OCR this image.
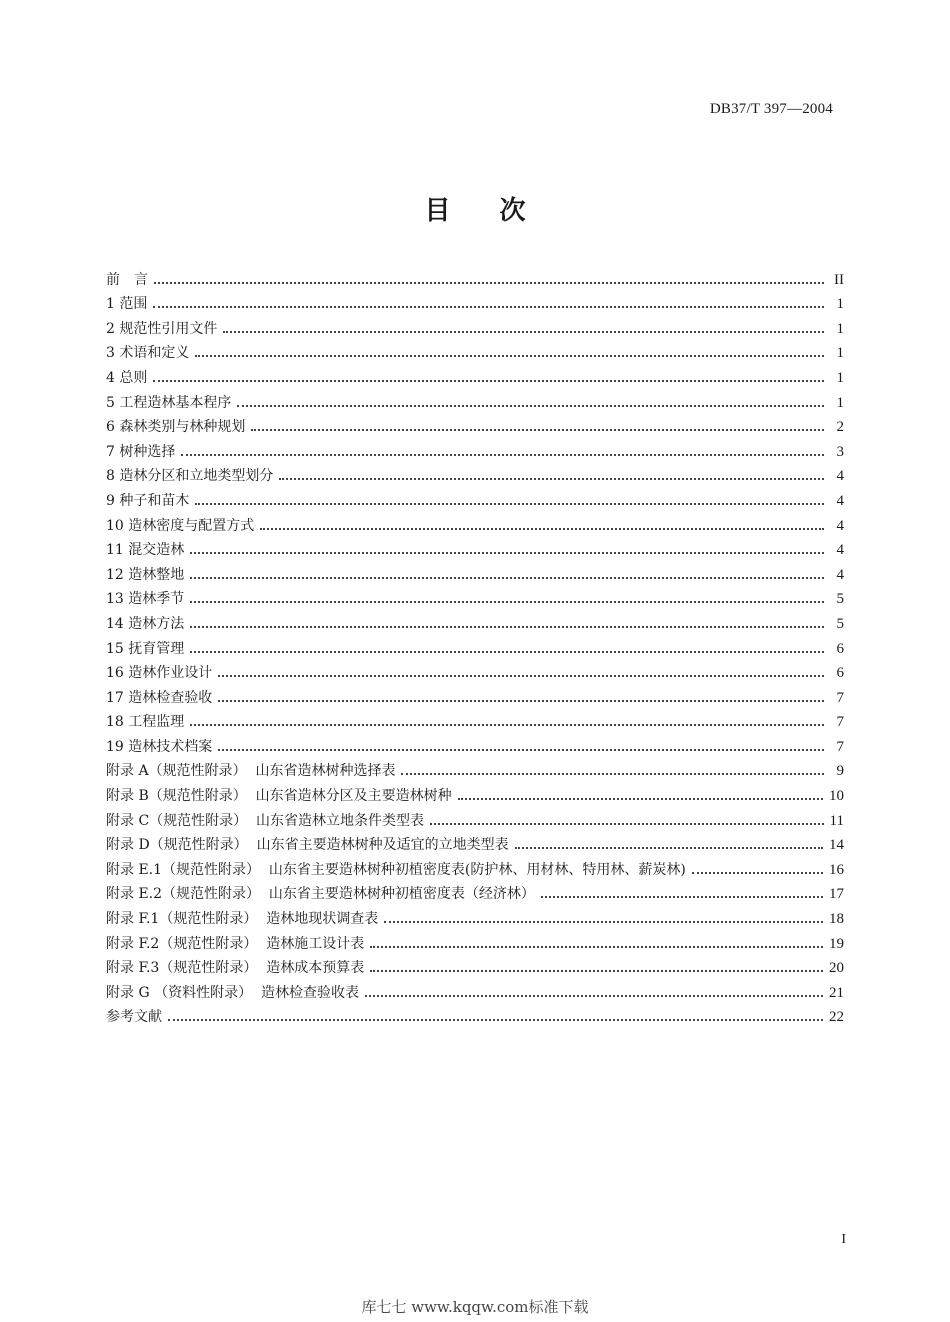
DB37/T 397—2004
目 次
前　言	II
1 范围	1
2 规范性引用文件	1
3 术语和定义	1
4 总则	1
5 工程造林基本程序	1
6 森林类别与林种规划	2
7 树种选择	3
8 造林分区和立地类型划分	4
9 种子和苗木	4
10 造林密度与配置方式	4
11 混交造林	4
12 造林整地	4
13 造林季节	5
14 造林方法	5
15 抚育管理	6
16 造林作业设计	6
17 造林检查验收	7
18 工程监理	7
19 造林技术档案	7
附录 A（规范性附录）  山东省造林树种选择表	9
附录 B（规范性附录）  山东省造林分区及主要造林树种	10
附录 C（规范性附录）  山东省造林立地条件类型表	11
附录 D（规范性附录）  山东省主要造林树种及适宜的立地类型表	14
附录 E.1（规范性附录）  山东省主要造林树种初植密度表(防护林、用材林、特用林、薪炭林)	16
附录 E.2（规范性附录）  山东省主要造林树种初植密度表（经济林）	17
附录 F.1（规范性附录）  造林地现状调查表	18
附录 F.2（规范性附录）  造林施工设计表	19
附录 F.3（规范性附录）  造林成本预算表	20
附录 G （资料性附录）  造林检查验收表	21
参考文献	22
I
库七七 www.kqqw.com标准下载
